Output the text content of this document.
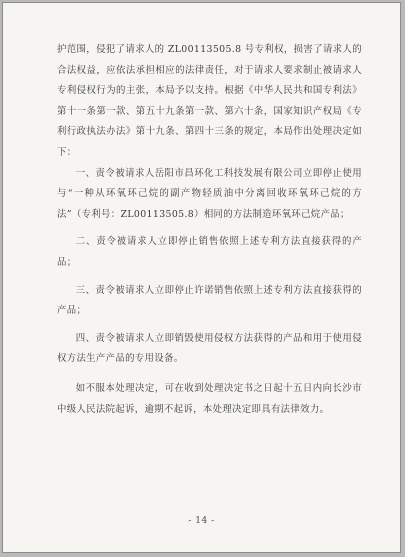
护范围，侵犯了请求人的 ZL00113505.8 号专利权，损害了请求人的合法权益，应依法承担相应的法律责任，对于请求人要求制止被请求人专利侵权行为的主张，本局予以支持。根据《中华人民共和国专利法》第十一条第一款、第五十九条第一款、第六十条，国家知识产权局《专利行政执法办法》第十九条、第四十三条的规定，本局作出处理决定如下：

一、责令被请求人岳阳市昌环化工科技发展有限公司立即停止使用与“一种从环氧环己烷的副产物轻质油中分离回收环氧环己烷的方法”（专利号：ZL00113505.8）相同的方法制造环氧环己烷产品；

二、责令被请求人立即停止销售依照上述专利方法直接获得的产品；

三、责令被请求人立即停止许诺销售依照上述专利方法直接获得的产品；

四、责令被请求人立即销毁使用侵权方法获得的产品和用于使用侵权方法生产产品的专用设备。

如不服本处理决定，可在收到处理决定书之日起十五日内向长沙市中级人民法院起诉，逾期不起诉，本处理决定即具有法律效力。

- 14 -
